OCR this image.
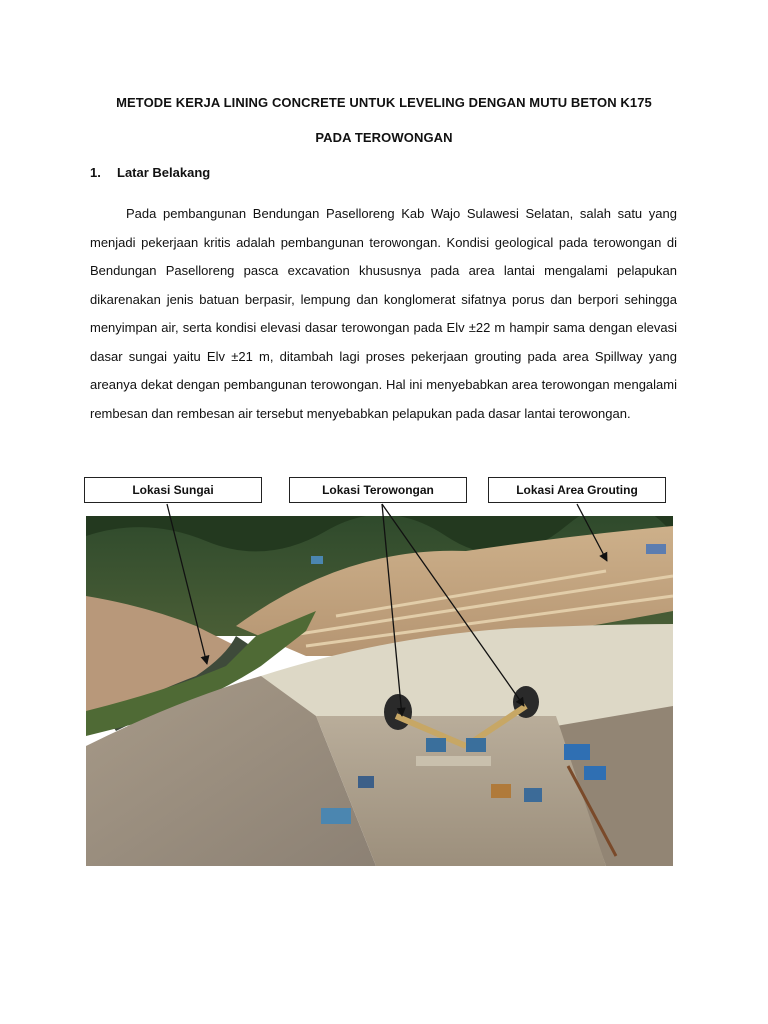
METODE KERJA LINING CONCRETE UNTUK LEVELING DENGAN MUTU BETON K175
PADA TEROWONGAN
1. Latar Belakang

Pada pembangunan Bendungan Paselloreng Kab Wajo Sulawesi Selatan, salah satu yang menjadi pekerjaan kritis adalah pembangunan terowongan. Kondisi geological pada terowongan di Bendungan Paselloreng pasca excavation khususnya pada area lantai mengalami pelapukan dikarenakan jenis batuan berpasir, lempung dan konglomerat sifatnya porus dan berpori sehingga menyimpan air, serta kondisi elevasi dasar terowongan pada Elv ±22 m hampir sama dengan elevasi dasar sungai yaitu Elv ±21 m, ditambah lagi proses pekerjaan grouting pada area Spillway yang areanya dekat dengan pembangunan terowongan. Hal ini menyebabkan area terowongan mengalami rembesan dan rembesan air tersebut menyebabkan pelapukan pada dasar lantai terowongan.

Lokasi Sungai	Lokasi Terowongan	Lokasi Area Grouting
